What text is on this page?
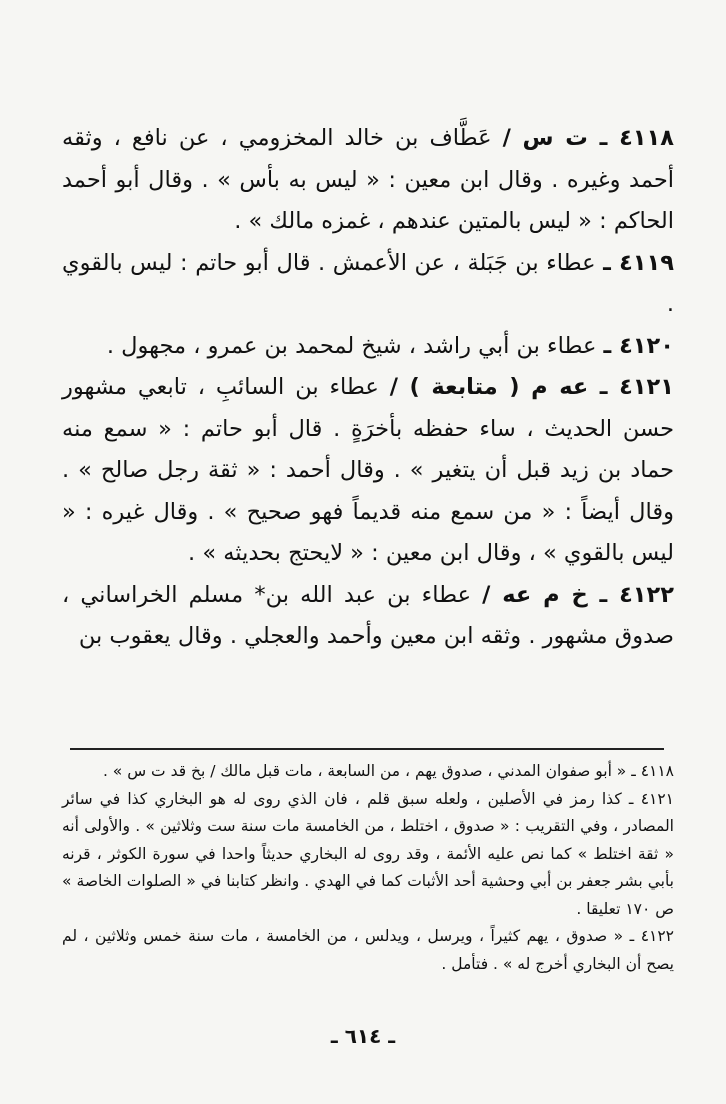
٤١١٨ ـ ت س / عَطَّاف بن خالد المخزومي ، عن نافع ، وثقه أحمد وغيره . وقال ابن معين : « ليس به بأس » . وقال أبو أحمد الحاكم : « ليس بالمتين عندهم ، غمزه مالك » .

٤١١٩ ـ عطاء بن جَبَلة ، عن الأعمش . قال أبو حاتم : ليس بالقوي .

٤١٢٠ ـ عطاء بن أبي راشد ، شيخ لمحمد بن عمرو ، مجهول .

٤١٢١ ـ عه م ( متابعة ) / عطاء بن السائبِ ، تابعي مشهور حسن الحديث ، ساء حفظه بأخرَةٍ . قال أبو حاتم : « سمع منه حماد بن زيد قبل أن يتغير » . وقال أحمد : « ثقة رجل صالح » . وقال أيضاً : « من سمع منه قديماً فهو صحيح » . وقال غيره : « ليس بالقوي » ، وقال ابن معين : « لايحتج بحديثه » .

٤١٢٢ ـ خ م عه / عطاء بن عبد الله بن* مسلم الخراساني ، صدوق مشهور . وثقه ابن معين وأحمد والعجلي . وقال يعقوب بن

٤١١٨ ـ « أبو صفوان المدني ، صدوق يهم ، من السابعة ، مات قبل مالك / بخ قد ت س » .

٤١٢١ ـ كذا رمز في الأصلين ، ولعله سبق قلم ، فان الذي روى له هو البخاري كذا في سائر المصادر ، وفي التقريب : « صدوق ، اختلط ، من الخامسة مات سنة ست وثلاثين » . والأولى أنه « ثقة اختلط » كما نص عليه الأئمة ، وقد روى له البخاري حديثاً واحدا في سورة الكوثر ، قرنه بأبي بشر جعفر بن أبي وحشية أحد الأثبات كما في الهدي . وانظر كتابنا في « الصلوات الخاصة » ص ١٧٠ تعليقا .

٤١٢٢ ـ « صدوق ، يهم كثيراً ، ويرسل ، ويدلس ، من الخامسة ، مات سنة خمس وثلاثين ، لم يصح أن البخاري أخرج له » . فتأمل .

ـ ٦١٤ ـ
